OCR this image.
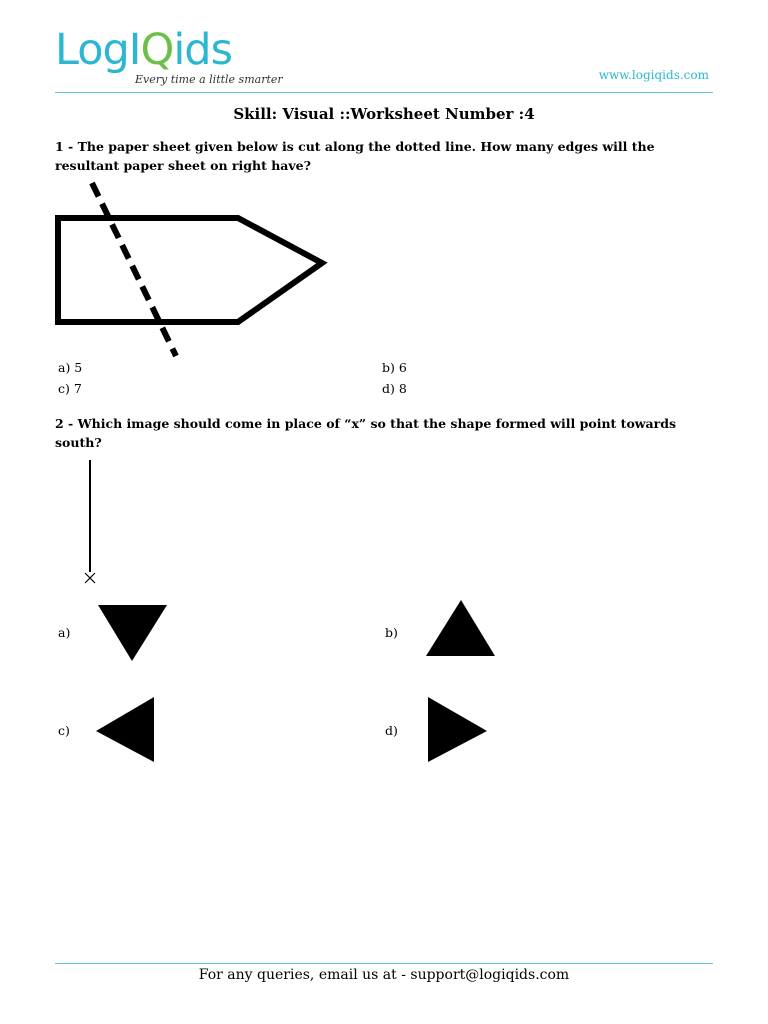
LogIQids
Every time a little smarter	www.logiqids.com
Skill: Visual ::Worksheet Number :4
1 - The paper sheet given below is cut along the dotted line. How many edges will the resultant paper sheet on right have?
a) 5	b) 6
c) 7	d) 8
2 - Which image should come in place of “x” so that the shape formed will point towards south?
a)	b)
c)	d)
For any queries, email us at - support@logiqids.com
